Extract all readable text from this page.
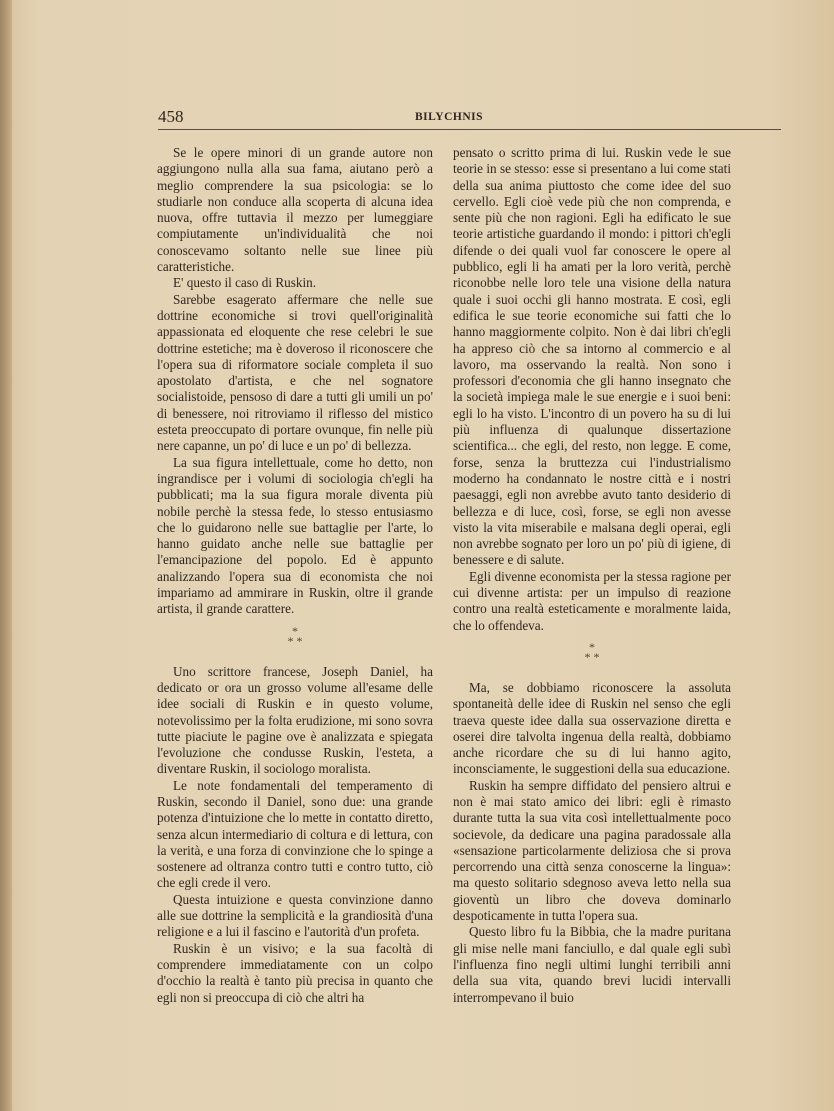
458	BILYCHNIS

Se le opere minori di un grande autore non aggiungono nulla alla sua fama, aiutano però a meglio comprendere la sua psicologia: se lo studiarle non conduce alla scoperta di alcuna idea nuova, offre tuttavia il mezzo per lumeggiare compiutamente un'individualità che noi conoscevamo soltanto nelle sue linee più caratteristiche.

E' questo il caso di Ruskin.

Sarebbe esagerato affermare che nelle sue dottrine economiche si trovi quell'originalità appassionata ed eloquente che rese celebri le sue dottrine estetiche; ma è doveroso il riconoscere che l'opera sua di riformatore sociale completa il suo apostolato d'artista, e che nel sognatore socialistoide, pensoso di dare a tutti gli umili un po' di benessere, noi ritroviamo il riflesso del mistico esteta preoccupato di portare ovunque, fin nelle più nere capanne, un po' di luce e un po' di bellezza.

La sua figura intellettuale, come ho detto, non ingrandisce per i volumi di sociologia ch'egli ha pubblicati; ma la sua figura morale diventa più nobile perchè la stessa fede, lo stesso entusiasmo che lo guidarono nelle sue battaglie per l'arte, lo hanno guidato anche nelle sue battaglie per l'emancipazione del popolo. Ed è appunto analizzando l'opera sua di economista che noi impariamo ad ammirare in Ruskin, oltre il grande artista, il grande carattere.

*
* *

Uno scrittore francese, Joseph Daniel, ha dedicato or ora un grosso volume all'esame delle idee sociali di Ruskin e in questo volume, notevolissimo per la folta erudizione, mi sono sovra tutte piaciute le pagine ove è analizzata e spiegata l'evoluzione che condusse Ruskin, l'esteta, a diventare Ruskin, il sociologo moralista.

Le note fondamentali del temperamento di Ruskin, secondo il Daniel, sono due: una grande potenza d'intuizione che lo mette in contatto diretto, senza alcun intermediario di coltura e di lettura, con la verità, e una forza di convinzione che lo spinge a sostenere ad oltranza contro tutti e contro tutto, ciò che egli crede il vero.

Questa intuizione e questa convinzione danno alle sue dottrine la semplicità e la grandiosità d'una religione e a lui il fascino e l'autorità d'un profeta.

Ruskin è un visivo; e la sua facoltà di comprendere immediatamente con un colpo d'occhio la realtà è tanto più precisa in quanto che egli non si preoccupa di ciò che altri ha

pensato o scritto prima di lui. Ruskin vede le sue teorie in se stesso: esse si presentano a lui come stati della sua anima piuttosto che come idee del suo cervello. Egli cioè vede più che non comprenda, e sente più che non ragioni. Egli ha edificato le sue teorie artistiche guardando il mondo: i pittori ch'egli difende o dei quali vuol far conoscere le opere al pubblico, egli li ha amati per la loro verità, perchè riconobbe nelle loro tele una visione della natura quale i suoi occhi gli hanno mostrata. E così, egli edifica le sue teorie economiche sui fatti che lo hanno maggiormente colpito. Non è dai libri ch'egli ha appreso ciò che sa intorno al commercio e al lavoro, ma osservando la realtà. Non sono i professori d'economia che gli hanno insegnato che la società impiega male le sue energie e i suoi beni: egli lo ha visto. L'incontro di un povero ha su di lui più influenza di qualunque dissertazione scientifica... che egli, del resto, non legge. E come, forse, senza la bruttezza cui l'industrialismo moderno ha condannato le nostre città e i nostri paesaggi, egli non avrebbe avuto tanto desiderio di bellezza e di luce, così, forse, se egli non avesse visto la vita miserabile e malsana degli operai, egli non avrebbe sognato per loro un po' più di igiene, di benessere e di salute.

Egli divenne economista per la stessa ragione per cui divenne artista: per un impulso di reazione contro una realtà esteticamente e moralmente laida, che lo offendeva.

*
* *

Ma, se dobbiamo riconoscere la assoluta spontaneità delle idee di Ruskin nel senso che egli traeva queste idee dalla sua osservazione diretta e oserei dire talvolta ingenua della realtà, dobbiamo anche ricordare che su di lui hanno agito, inconsciamente, le suggestioni della sua educazione.

Ruskin ha sempre diffidato del pensiero altrui e non è mai stato amico dei libri: egli è rimasto durante tutta la sua vita così intellettualmente poco socievole, da dedicare una pagina paradossale alla «sensazione particolarmente deliziosa che si prova percorrendo una città senza conoscerne la lingua»: ma questo solitario sdegnoso aveva letto nella sua gioventù un libro che doveva dominarlo despoticamente in tutta l'opera sua.

Questo libro fu la Bibbia, che la madre puritana gli mise nelle mani fanciullo, e dal quale egli subì l'influenza fino negli ultimi lunghi terribili anni della sua vita, quando brevi lucidi intervalli interrompevano il buio
